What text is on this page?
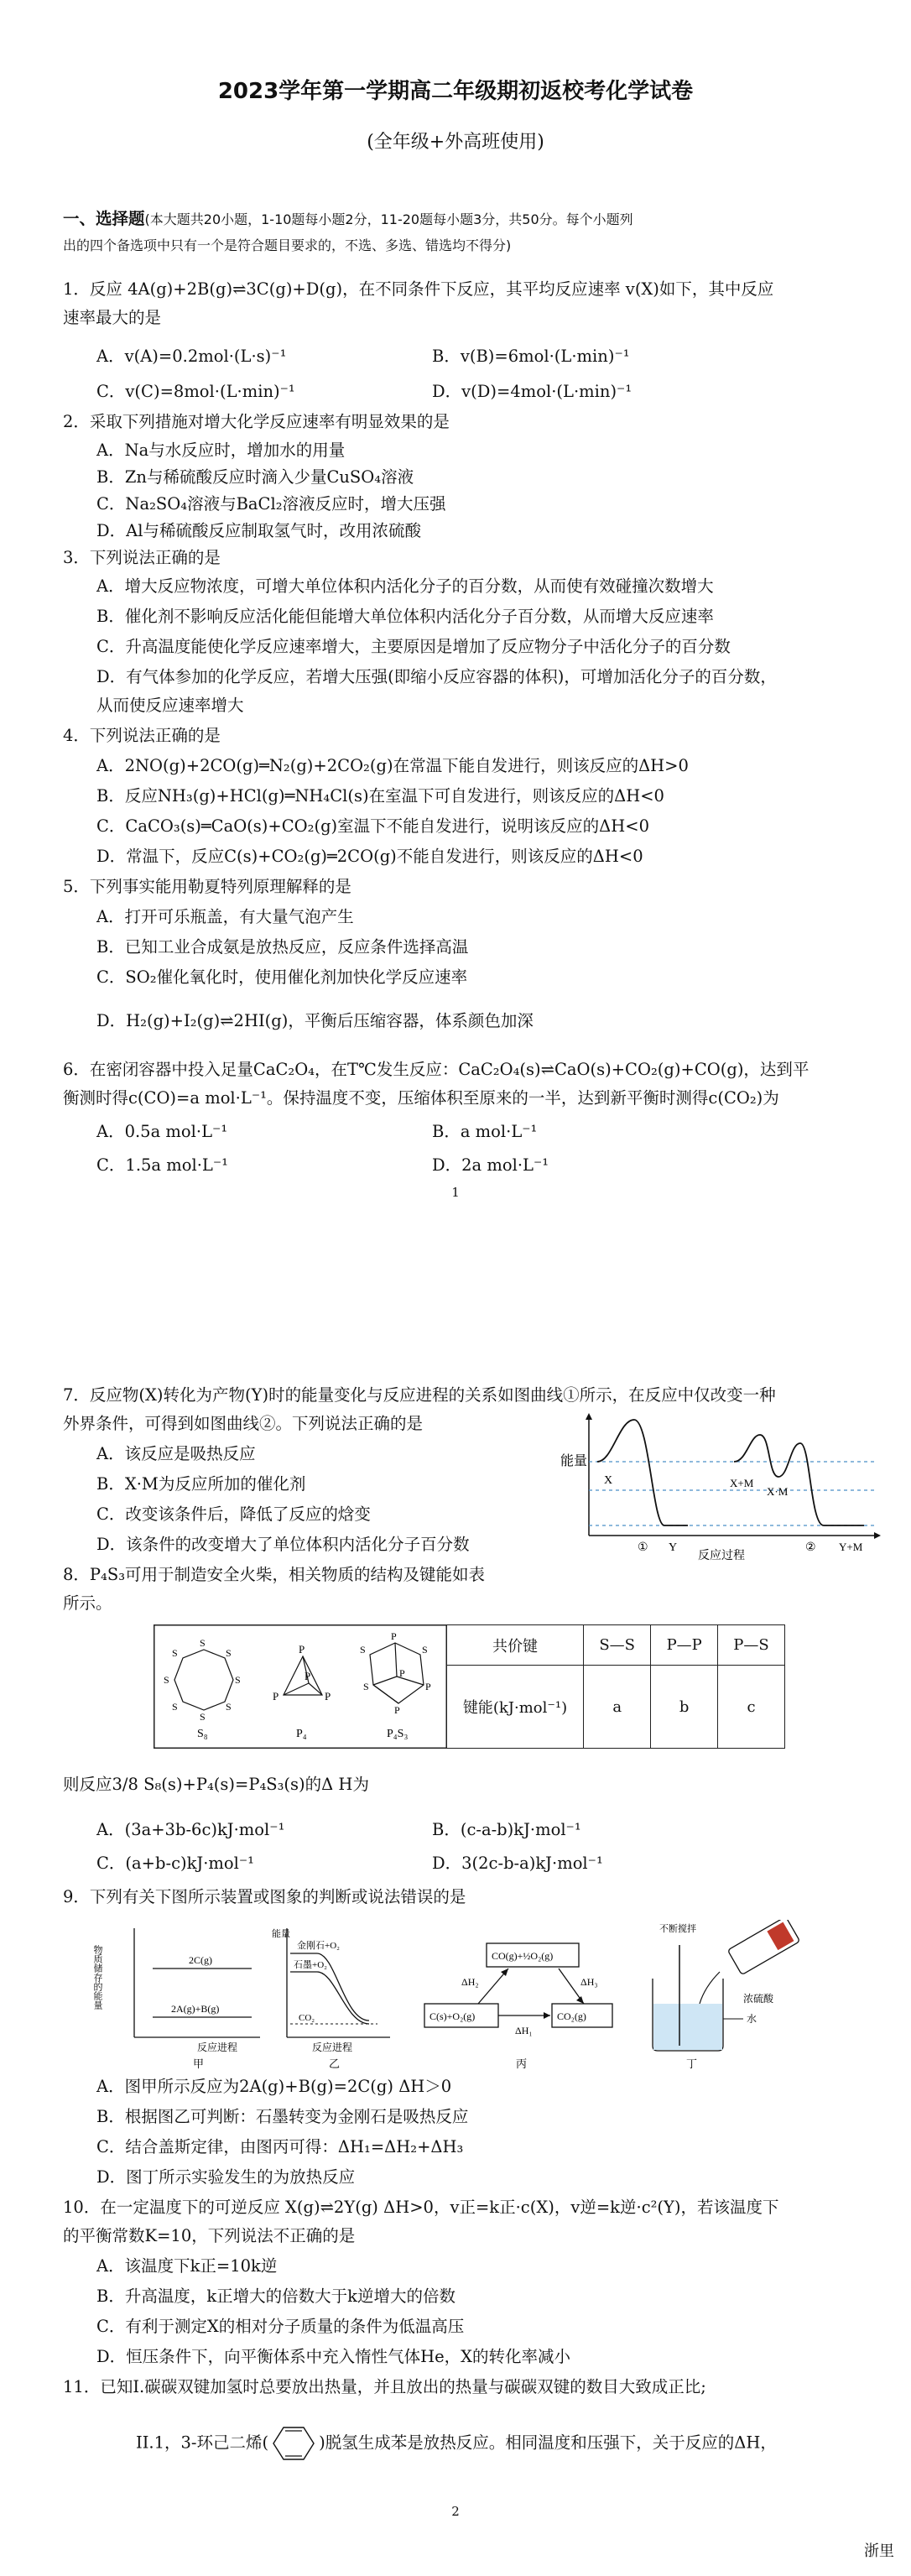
2023学年第一学期高二年级期初返校考化学试卷
(全年级+外高班使用)
一、选择题(本大题共20小题，1-10题每小题2分，11-20题每小题3分，共50分。每个小题列
出的四个备选项中只有一个是符合题目要求的，不选、多选、错选均不得分)
1．反应 4A(g)+2B(g)⇌3C(g)+D(g)，在不同条件下反应，其平均反应速率 v(X)如下，其中反应
速率最大的是
A．v(A)=0.2mol·(L·s)⁻¹	B．v(B)=6mol·(L·min)⁻¹
C．v(C)=8mol·(L·min)⁻¹	D．v(D)=4mol·(L·min)⁻¹
2．采取下列措施对增大化学反应速率有明显效果的是
A．Na与水反应时，增加水的用量
B．Zn与稀硫酸反应时滴入少量CuSO₄溶液
C．Na₂SO₄溶液与BaCl₂溶液反应时，增大压强
D．Al与稀硫酸反应制取氢气时，改用浓硫酸
3．下列说法正确的是
A．增大反应物浓度，可增大单位体积内活化分子的百分数，从而使有效碰撞次数增大
B．催化剂不影响反应活化能但能增大单位体积内活化分子百分数，从而增大反应速率
C．升高温度能使化学反应速率增大，主要原因是增加了反应物分子中活化分子的百分数
D．有气体参加的化学反应，若增大压强(即缩小反应容器的体积)，可增加活化分子的百分数，
从而使反应速率增大
4．下列说法正确的是
A．2NO(g)+2CO(g)═N₂(g)+2CO₂(g)在常温下能自发进行，则该反应的ΔH>0
B．反应NH₃(g)+HCl(g)═NH₄Cl(s)在室温下可自发进行，则该反应的ΔH<0
C．CaCO₃(s)═CaO(s)+CO₂(g)室温下不能自发进行，说明该反应的ΔH<0
D．常温下，反应C(s)+CO₂(g)═2CO(g)不能自发进行，则该反应的ΔH<0
5．下列事实能用勒夏特列原理解释的是
A．打开可乐瓶盖，有大量气泡产生
B．已知工业合成氨是放热反应，反应条件选择高温
C．SO₂催化氧化时，使用催化剂加快化学反应速率
D．H₂(g)+I₂(g)⇌2HI(g)，平衡后压缩容器，体系颜色加深
6．在密闭容器中投入足量CaC₂O₄，在T℃发生反应：CaC₂O₄(s)⇌CaO(s)+CO₂(g)+CO(g)，达到平
衡测时得c(CO)=a mol·L⁻¹。保持温度不变，压缩体积至原来的一半，达到新平衡时测得c(CO₂)为
A．0.5a mol·L⁻¹	B．a mol·L⁻¹
C．1.5a mol·L⁻¹	D．2a mol·L⁻¹
1
7．反应物(X)转化为产物(Y)时的能量变化与反应进程的关系如图曲线①所示，在反应中仅改变一种
外界条件，可得到如图曲线②。下列说法正确的是
A．该反应是吸热反应
B．X·M为反应所加的催化剂
C．改变该条件后，降低了反应的焓变
D．该条件的改变增大了单位体积内活化分子百分数
能量
X
Y
X+M
X·M
Y+M
①	②
反应过程
8．P₄S₃可用于制造安全火柴，相关物质的结构及键能如表
所示。
S
S
S
S
S
S
S
S
S₈
P
P	P
P
P₄
P
S
P
P
S
S
P
P₄S₃
共价键	S—S	P—P	P—S
键能(kJ·mol⁻¹)	a	b	c
则反应3/8 S₈(s)+P₄(s)=P₄S₃(s)的Δ H为
A．(3a+3b-6c)kJ·mol⁻¹	B．(c-a-b)kJ·mol⁻¹
C．(a+b-c)kJ·mol⁻¹	D．3(2c-b-a)kJ·mol⁻¹
9．下列有关下图所示装置或图象的判断或说法错误的是
物质储存的能量	2C(g)
2A(g)+B(g)
反应进程
甲
能量
金刚石+O₂
石墨+O₂
CO₂
反应进程
乙
CO(g)+½O₂(g)
C(s)+O₂(g)	CO₂(g)
ΔH₂	ΔH₃
ΔH₁
丙
不断搅拌
浓硫酸
水
丁
A．图甲所示反应为2A(g)+B(g)=2C(g) ΔH＞0
B．根据图乙可判断：石墨转变为金刚石是吸热反应
C．结合盖斯定律，由图丙可得：ΔH₁=ΔH₂+ΔH₃
D．图丁所示实验发生的为放热反应
10．在一定温度下的可逆反应 X(g)⇌2Y(g) ΔH>0，v正=k正·c(X)，v逆=k逆·c²(Y)，若该温度下
的平衡常数K=10，下列说法不正确的是
A．该温度下k正=10k逆
B．升高温度，k正增大的倍数大于k逆增大的倍数
C．有利于测定X的相对分子质量的条件为低温高压
D．恒压条件下，向平衡体系中充入惰性气体He，X的转化率减小
11．已知I.碳碳双键加氢时总要放出热量，并且放出的热量与碳碳双键的数目大致成正比;
II.1，3-环己二烯(	)脱氢生成苯是放热反应。相同温度和压强下，关于反应的ΔH，
2
浙里
